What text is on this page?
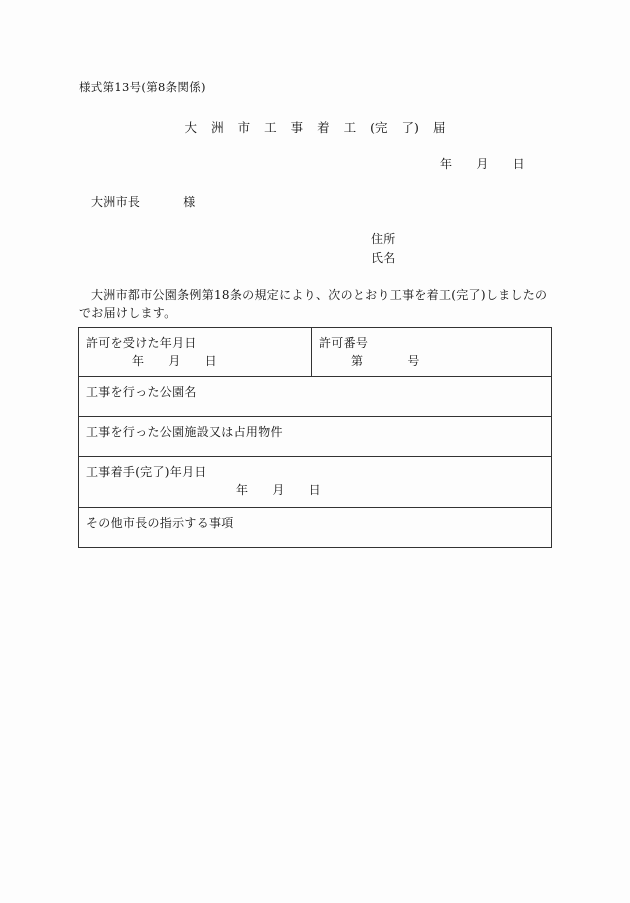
様式第13号(第8条関係)
大 洲 市 工 事 着 工 (完 了) 届
年 月 日
大洲市長	様
住所
氏名
大洲市都市公園条例第18条の規定により、次のとおり工事を着工(完了)しましたのでお届けします。
許可を受けた年月日
年 月 日

許可番号
第	号

工事を行った公園名
工事を行った公園施設又は占用物件

工事着手(完了)年月日
年 月 日

その他市長の指示する事項
